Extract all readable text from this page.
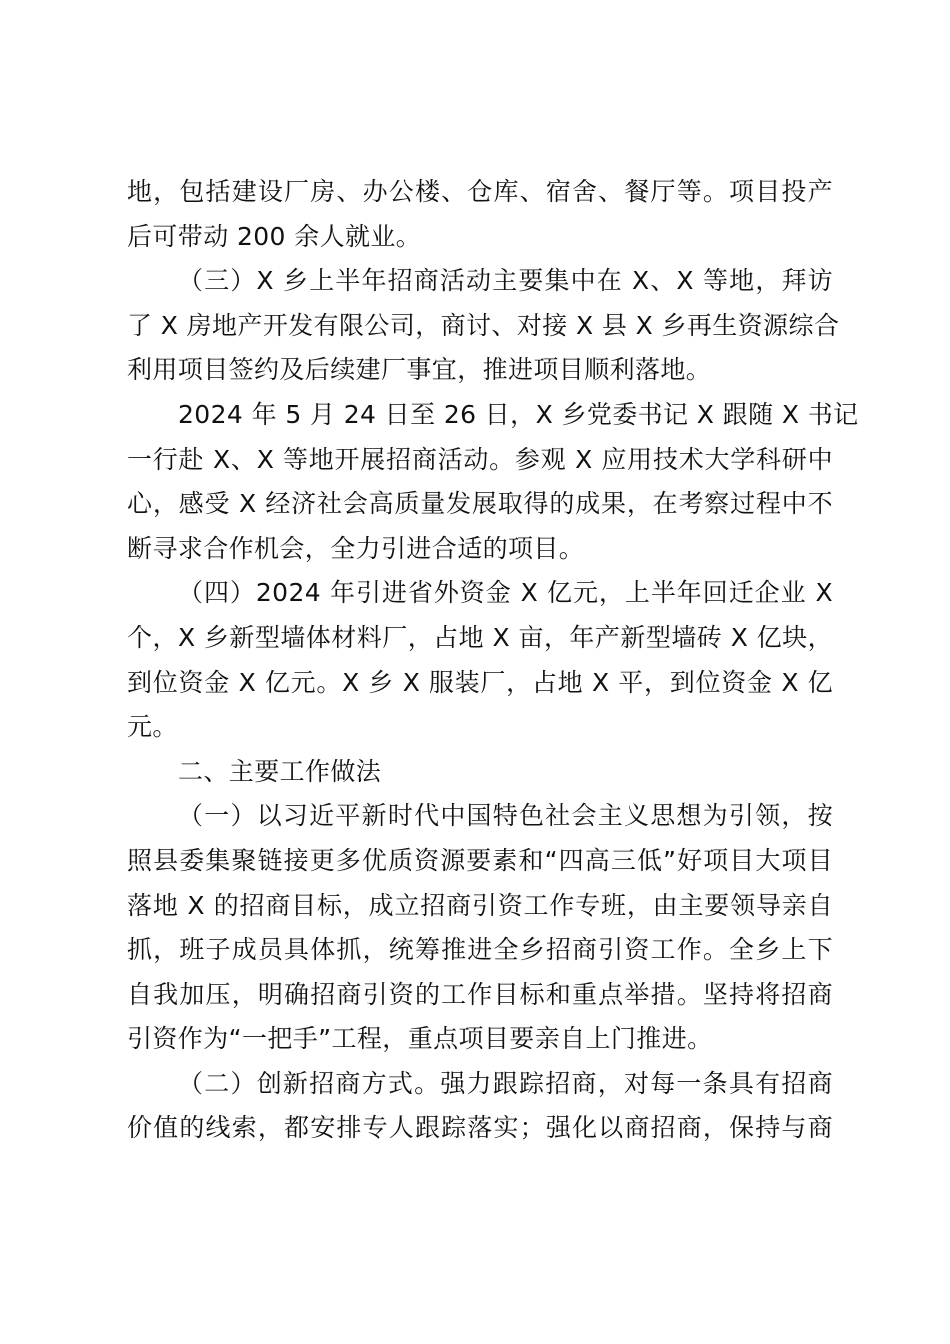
地，包括建设厂房、办公楼、仓库、宿舍、餐厅等。项目投产
后可带动 200 余人就业。
（三）X 乡上半年招商活动主要集中在 X、X 等地，拜访
了 X 房地产开发有限公司，商讨、对接 X 县 X 乡再生资源综合
利用项目签约及后续建厂事宜，推进项目顺利落地。
2024 年 5 月 24 日至 26 日，X 乡党委书记 X 跟随 X 书记
一行赴 X、X 等地开展招商活动。参观 X 应用技术大学科研中
心，感受 X 经济社会高质量发展取得的成果，在考察过程中不
断寻求合作机会，全力引进合适的项目。
（四）2024 年引进省外资金 X 亿元，上半年回迁企业 X
个，X 乡新型墙体材料厂，占地 X 亩，年产新型墙砖 X 亿块，
到位资金 X 亿元。X 乡 X 服装厂，占地 X 平，到位资金 X 亿
元。
二、主要工作做法
（一）以习近平新时代中国特色社会主义思想为引领，按
照县委集聚链接更多优质资源要素和“四高三低”好项目大项目
落地 X 的招商目标，成立招商引资工作专班，由主要领导亲自
抓，班子成员具体抓，统筹推进全乡招商引资工作。全乡上下
自我加压，明确招商引资的工作目标和重点举措。坚持将招商
引资作为“一把手”工程，重点项目要亲自上门推进。
（二）创新招商方式。强力跟踪招商，对每一条具有招商
价值的线索，都安排专人跟踪落实；强化以商招商，保持与商
